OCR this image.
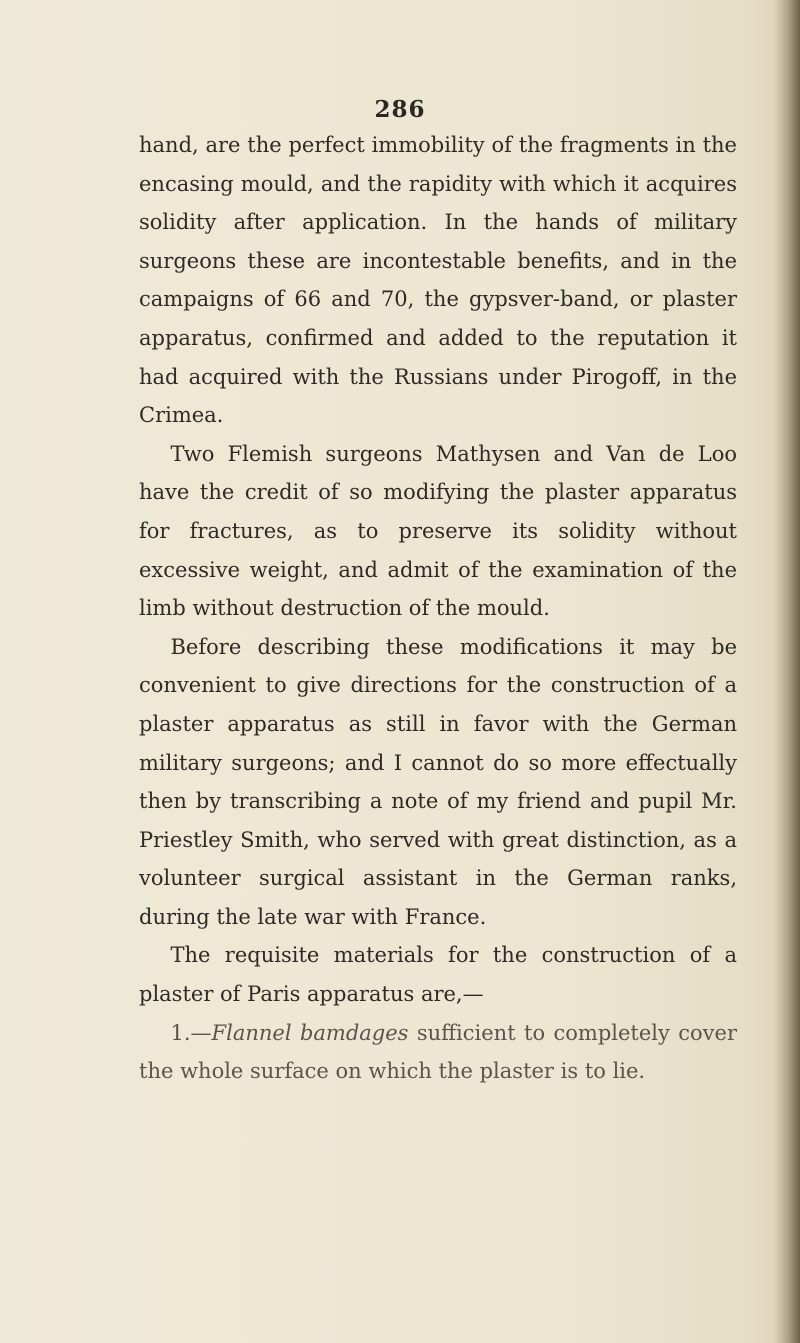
286

hand, are the perfect immobility of the fragments in the encasing mould, and the rapidity with which it acquires solidity after application. In the hands of military surgeons these are incontestable benefits, and in the campaigns of 66 and 70, the gypsver-band, or plaster apparatus, confirmed and added to the reputation it had acquired with the Russians under Pirogoff, in the Crimea.

Two Flemish surgeons Mathysen and Van de Loo have the credit of so modifying the plaster apparatus for fractures, as to preserve its solidity without excessive weight, and admit of the examination of the limb without destruction of the mould.

Before describing these modifications it may be convenient to give directions for the construction of a plaster apparatus as still in favor with the German military surgeons; and I cannot do so more effectually then by transcribing a note of my friend and pupil Mr. Priestley Smith, who served with great distinction, as a volunteer surgical assistant in the German ranks, during the late war with France.

The requisite materials for the construction of a plaster of Paris apparatus are,—

1.—Flannel bamdages sufficient to completely cover the whole surface on which the plaster is to lie.
